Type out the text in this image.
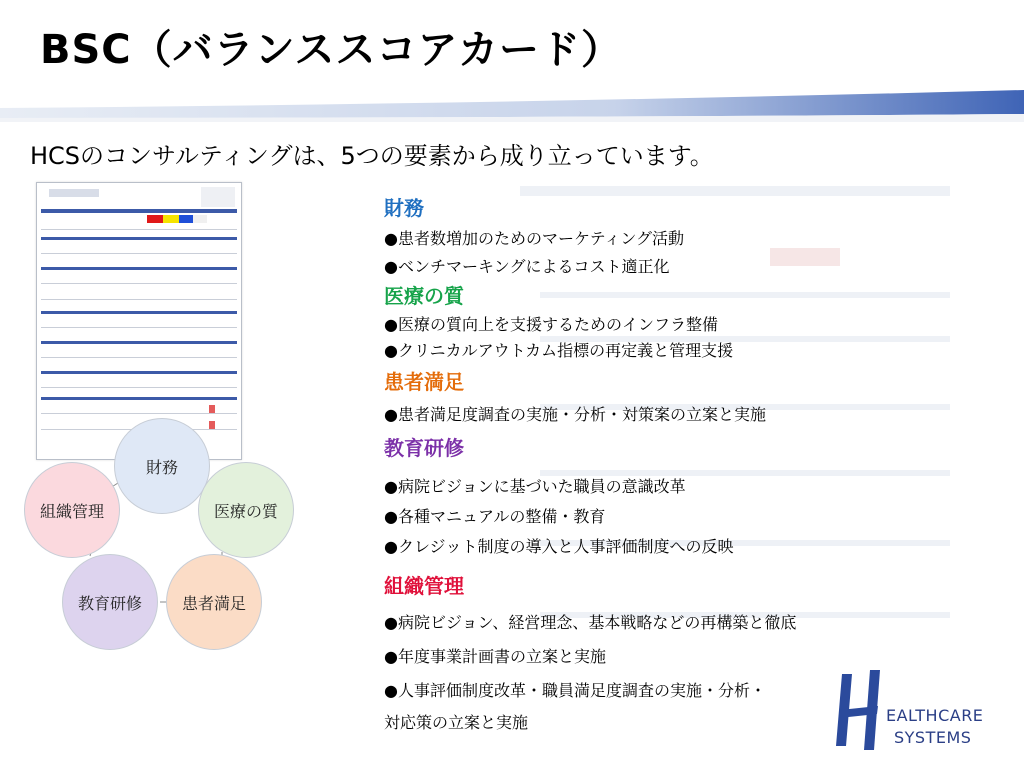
BSC（バランススコアカード）
HCSのコンサルティングは、5つの要素から成り立っています。
財務
医療の質
組織管理
教育研修	患者満足
財務
●患者数増加のためのマーケティング活動
●ベンチマーキングによるコスト適正化
医療の質
●医療の質向上を支援するためのインフラ整備
●クリニカルアウトカム指標の再定義と管理支援
患者満足
●患者満足度調査の実施・分析・対策案の立案と実施
教育研修
●病院ビジョンに基づいた職員の意識改革
●各種マニュアルの整備・教育
●クレジット制度の導入と人事評価制度への反映
組織管理
●病院ビジョン、経営理念、基本戦略などの再構築と徹底
●年度事業計画書の立案と実施
●人事評価制度改革・職員満足度調査の実施・分析・
対応策の立案と実施	EALTHCARE
SYSTEMS
